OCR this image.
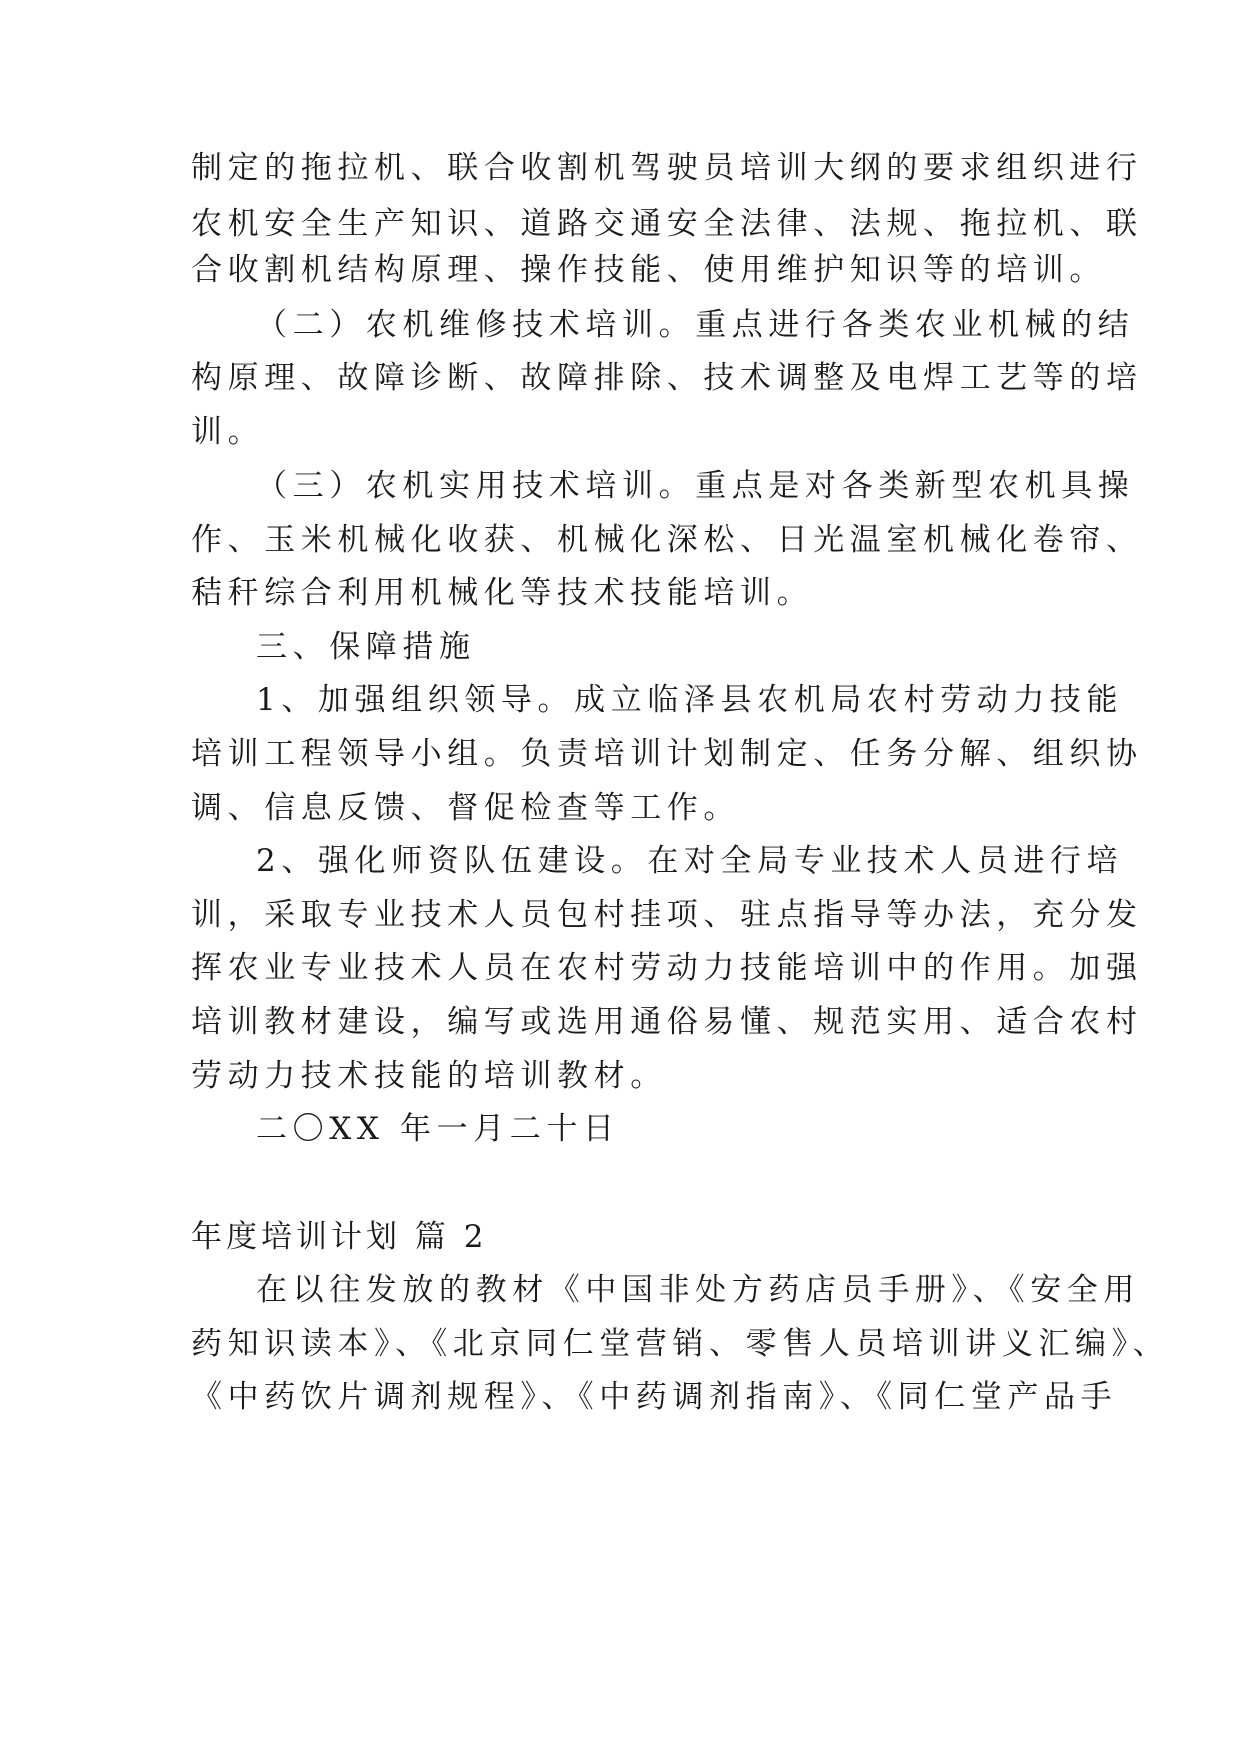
制定的拖拉机、联合收割机驾驶员培训大纲的要求组织进行
农机安全生产知识、道路交通安全法律、法规、拖拉机、联
合收割机结构原理、操作技能、使用维护知识等的培训。
（二）农机维修技术培训。重点进行各类农业机械的结
构原理、故障诊断、故障排除、技术调整及电焊工艺等的培
训。
（三）农机实用技术培训。重点是对各类新型农机具操
作、玉米机械化收获、机械化深松、日光温室机械化卷帘、
秸秆综合利用机械化等技术技能培训。
三、保障措施
1、加强组织领导。成立临泽县农机局农村劳动力技能
培训工程领导小组。负责培训计划制定、任务分解、组织协
调、信息反馈、督促检查等工作。
2、强化师资队伍建设。在对全局专业技术人员进行培
训，采取专业技术人员包村挂项、驻点指导等办法，充分发
挥农业专业技术人员在农村劳动力技能培训中的作用。加强
培训教材建设，编写或选用通俗易懂、规范实用、适合农村
劳动力技术技能的培训教材。
二〇XX 年一月二十日
年度培训计划 篇 2
在以往发放的教材《中国非处方药店员手册》、《安全用
药知识读本》、《北京同仁堂营销、零售人员培训讲义汇编》、
《中药饮片调剂规程》、《中药调剂指南》、《同仁堂产品手
